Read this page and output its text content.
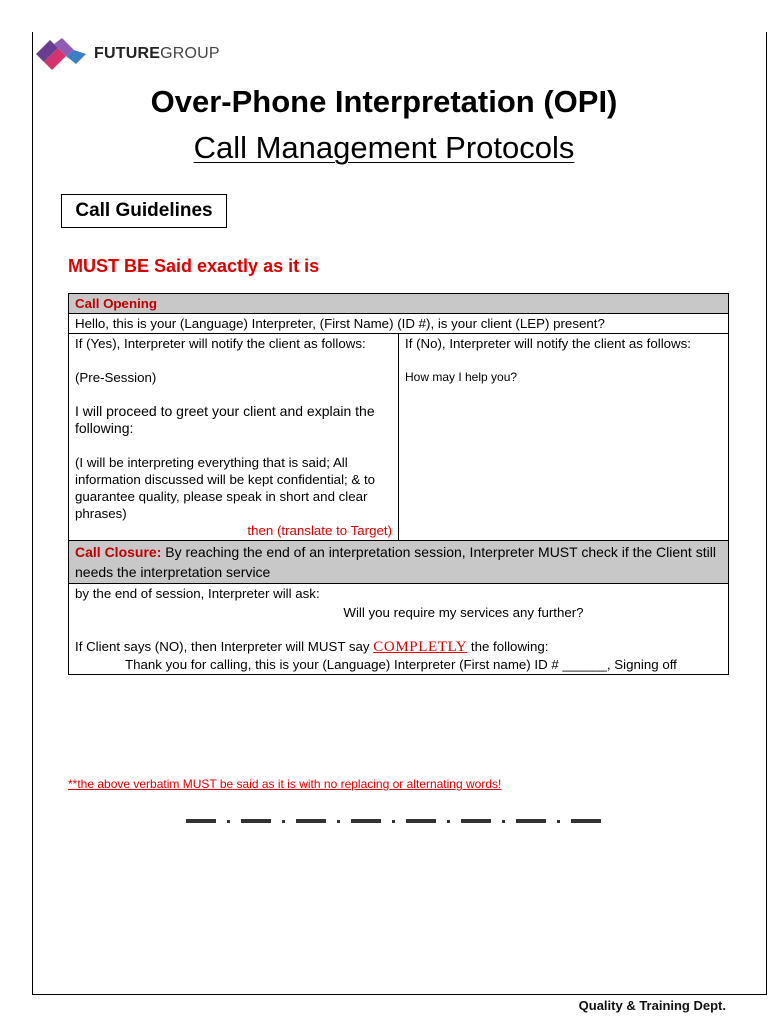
FUTUREGROUP
Over-Phone Interpretation (OPI)
Call Management Protocols
Call Guidelines
MUST BE Said exactly as it is
Call Opening
Hello, this is your (Language) Interpreter, (First Name) (ID #), is your client (LEP) present?

If (Yes), Interpreter will notify the client as follows:
(Pre-Session)
I will proceed to greet your client and explain the following:
(I will be interpreting everything that is said; All information discussed will be kept confidential; & to guarantee quality, please speak in short and clear phrases)
then (translate to Target)

If (No), Interpreter will notify the client as follows:
How may I help you?

Call Closure: By reaching the end of an interpretation session, Interpreter MUST check if the Client still needs the interpretation service

by the end of session, Interpreter will ask:
Will you require my services any further?
If Client says (NO), then Interpreter will MUST say COMPLETLY the following:
Thank you for calling, this is your (Language) Interpreter (First name) ID # ______, Signing off
**the above verbatim MUST be said as it is with no replacing or alternating words!
Quality & Training Dept.
